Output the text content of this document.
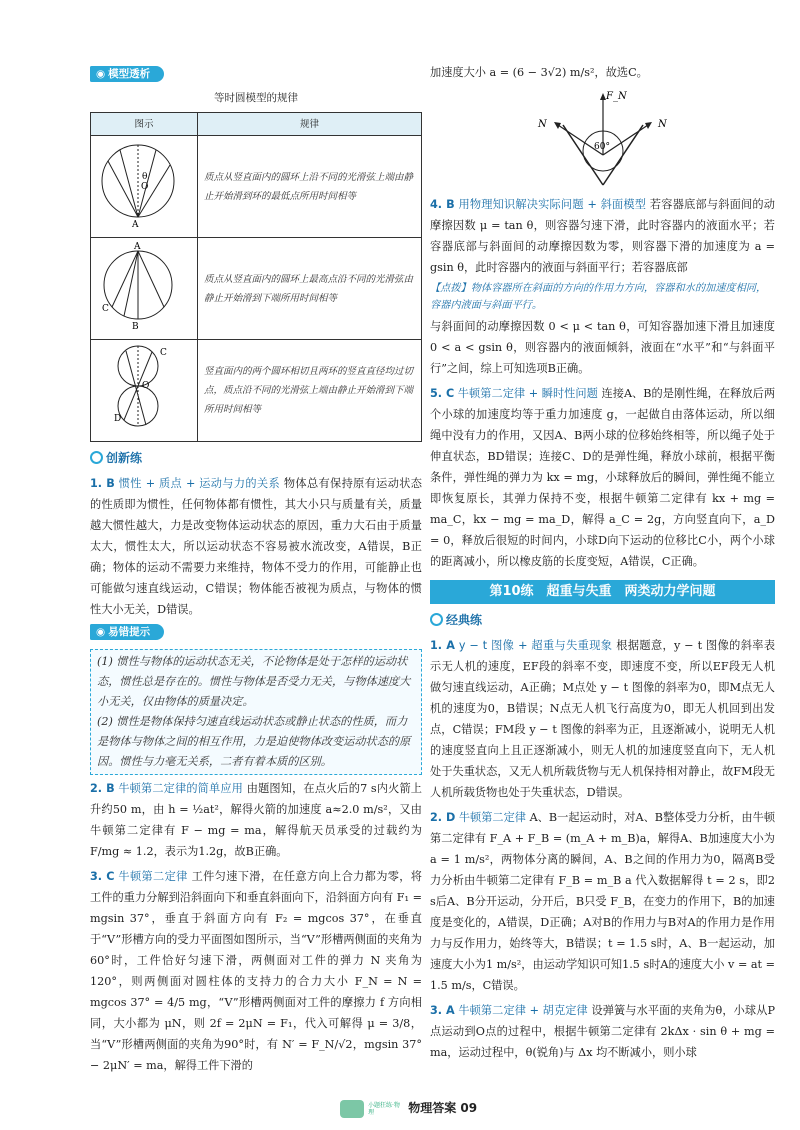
◉ 模型透析
等时圆模型的规律
图示	规律

θ
O
A	质点从竖直面内的圆环上沿不同的光滑弦上端由静止开始滑到环的最低点所用时间相等

A
C
B	质点从竖直面内的圆环上最高点沿不同的光滑弦由静止开始滑到下端所用时间相等

O
C
D	竖直面内的两个圆环相切且两环的竖直直径均过切点，质点沿不同的光滑弦上端由静止开始滑到下端所用时间相等
创新练

1. B 惯性 + 质点 + 运动与力的关系 物体总有保持原有运动状态的性质即为惯性，任何物体都有惯性，其大小只与质量有关，质量越大惯性越大，力是改变物体运动状态的原因，重力大石由于质量太大，惯性太大，所以运动状态不容易被水流改变，A错误，B正确；物体的运动不需要力来维持，物体不受力的作用，可能静止也可能做匀速直线运动，C错误；物体能否被视为质点，与物体的惯性大小无关，D错误。

◉ 易错提示
(1) 惯性与物体的运动状态无关，不论物体是处于怎样的运动状态，惯性总是存在的。惯性与物体是否受力无关，与物体速度大小无关，仅由物体的质量决定。
(2) 惯性是物体保持匀速直线运动状态或静止状态的性质，而力是物体与物体之间的相互作用，力是迫使物体改变运动状态的原因。惯性与力毫无关系，二者有着本质的区别。

2. B 牛顿第二定律的简单应用 由题图知，在点火后的7 s内火箭上升约50 m，由 h = ½at²，解得火箭的加速度 a≈2.0 m/s²，又由牛顿第二定律有 F − mg = ma，解得航天员承受的过载约为 F/mg ≈ 1.2，表示为1.2g，故B正确。

3. C 牛顿第二定律 工件匀速下滑，在任意方向上合力都为零，将工件的重力分解到沿斜面向下和垂直斜面向下，沿斜面方向有 F₁ = mgsin 37°，垂直于斜面方向有 F₂ = mgcos 37°，在垂直于“V”形槽方向的受力平面图如图所示，当“V”形槽两侧面的夹角为60°时，工件恰好匀速下滑，两侧面对工件的弹力 N 夹角为120°，则两侧面对圆柱体的支持力的合力大小 F_N = N = mgcos 37° = 4/5 mg，“V”形槽两侧面对工件的摩擦力 f 方向相同，大小都为 μN，则 2f = 2μN = F₁，代入可解得 μ = 3/8，当“V”形槽两侧面的夹角为90°时，有 N′ = F_N/√2，mgsin 37° − 2μN′ = ma，解得工件下滑的

加速度大小 a = (6 − 3√2) m/s²，故选C。

F_N
N	N
60°

4. B 用物理知识解决实际问题 + 斜面模型 若容器底部与斜面间的动摩擦因数 μ = tan θ，则容器匀速下滑，此时容器内的液面水平；若容器底部与斜面间的动摩擦因数为零，则容器下滑的加速度为 a = gsin θ，此时容器内的液面与斜面平行；若容器底部

【点拨】物体容器所在斜面的方向的作用力方向，容器和水的加速度相同，容器内液面与斜面平行。

与斜面间的动摩擦因数 0 < μ < tan θ，可知容器加速下滑且加速度 0 < a < gsin θ，则容器内的液面倾斜，液面在“水平”和“与斜面平行”之间，综上可知选项B正确。

5. C 牛顿第二定律 + 瞬时性问题 连接A、B的是刚性绳，在释放后两个小球的加速度均等于重力加速度 g，一起做自由落体运动，所以细绳中没有力的作用，又因A、B两小球的位移始终相等，所以绳子处于伸直状态，BD错误；连接C、D的是弹性绳，释放小球前，根据平衡条件，弹性绳的弹力为 kx = mg，小球释放后的瞬间，弹性绳不能立即恢复原长，其弹力保持不变，根据牛顿第二定律有 kx + mg = ma_C，kx − mg = ma_D，解得 a_C = 2g，方向竖直向下，a_D = 0，释放后很短的时间内，小球D向下运动的位移比C小，两个小球的距离减小，所以橡皮筋的长度变短，A错误，C正确。

第10练　超重与失重　两类动力学问题
经典练

1. A y − t 图像 + 超重与失重现象 根据题意，y − t 图像的斜率表示无人机的速度，EF段的斜率不变，即速度不变，所以EF段无人机做匀速直线运动，A正确；M点处 y − t 图像的斜率为0，即M点无人机的速度为0，B错误；N点无人机飞行高度为0，即无人机回到出发点，C错误；FM段 y − t 图像的斜率为正，且逐渐减小，说明无人机的速度竖直向上且正逐渐减小，则无人机的加速度竖直向下，无人机处于失重状态，又无人机所载货物与无人机保持相对静止，故FM段无人机所载货物也处于失重状态，D错误。

2. D 牛顿第二定律 A、B一起运动时，对A、B整体受力分析，由牛顿第二定律有 F_A + F_B = (m_A + m_B)a，解得A、B加速度大小为 a = 1 m/s²，两物体分离的瞬间，A、B之间的作用力为0，隔离B受力分析由牛顿第二定律有 F_B = m_B a 代入数据解得 t = 2 s，即2 s后A、B分开运动，分开后，B只受 F_B，在变力的作用下，B的加速度是变化的，A错误，D正确；A对B的作用力与B对A的作用力是作用力与反作用力，始终等大，B错误；t = 1.5 s时，A、B一起运动，加速度大小为1 m/s²，由运动学知识可知1.5 s时A的速度大小 v = at = 1.5 m/s，C错误。

3. A 牛顿第二定律 + 胡克定律 设弹簧与水平面的夹角为θ，小球从P点运动到O点的过程中，根据牛顿第二定律有 2kΔx · sin θ + mg = ma，运动过程中，θ(锐角)与 Δx 均不断减小，则小球

小题狂练·物理	物理答案 09
